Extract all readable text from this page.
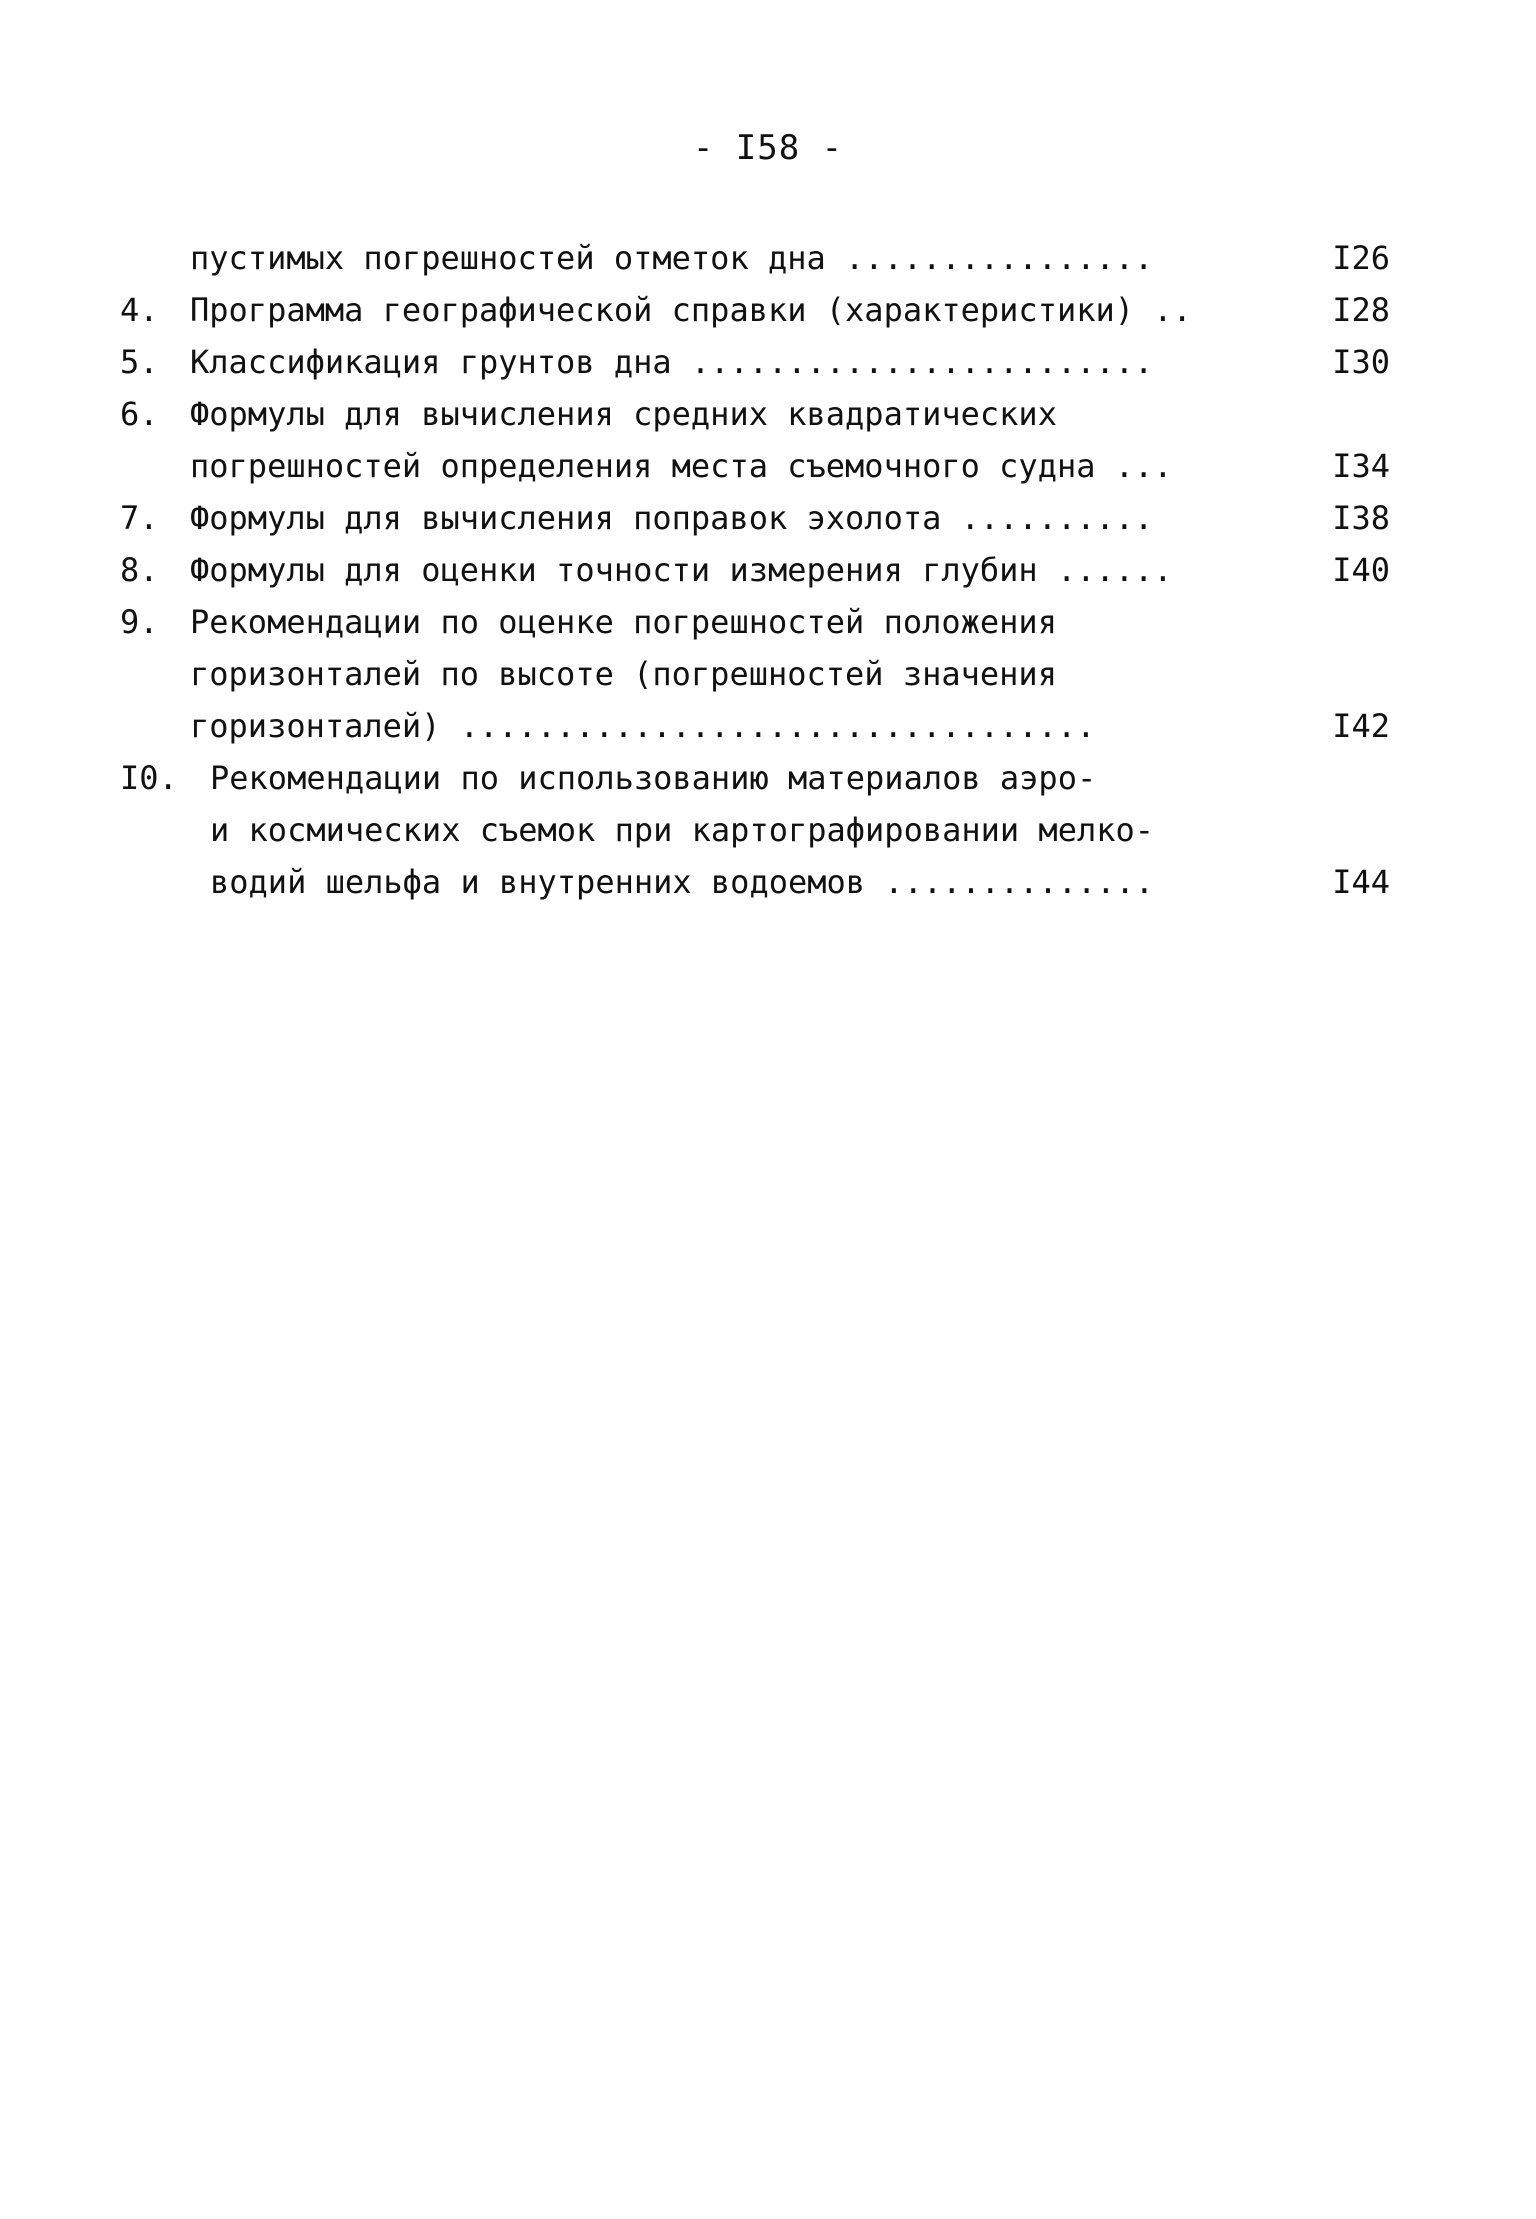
- I58 -
пустимых погрешностей отметок дна ................	I26
4. Программа географической справки (характеристики) ..	I28
5. Классификация грунтов дна ........................	I30
6. Формулы для вычисления средних квадратических
погрешностей определения места съемочного судна ...	I34
7. Формулы для вычисления поправок эхолота ..........	I38
8. Формулы для оценки точности измерения глубин ......	I40
9. Рекомендации по оценке погрешностей положения
горизонталей по высоте (погрешностей значения
горизонталей) .................................	I42
I0. Рекомендации по использованию материалов аэро-
и космических съемок при картографировании мелко-
водий шельфа и внутренних водоемов ..............	I44
